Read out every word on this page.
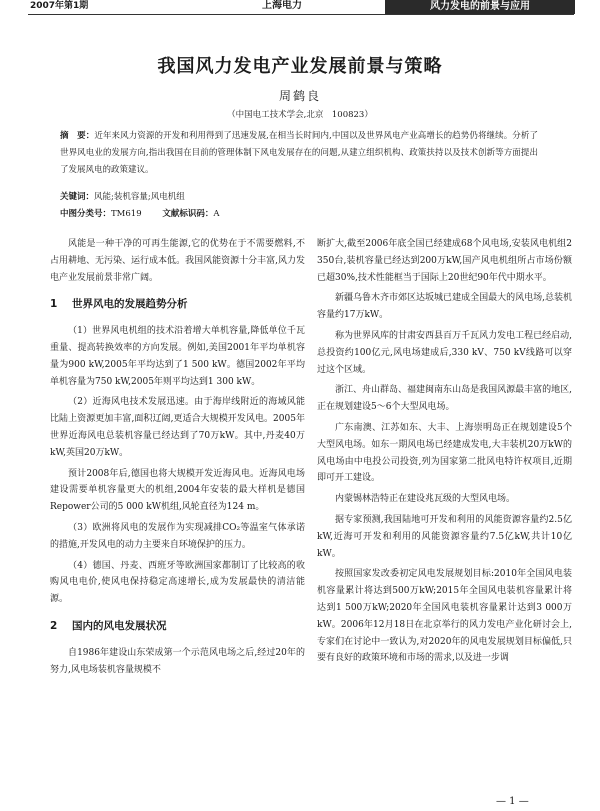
2007年第1期	上海电力	风力发电的前景与应用
我国风力发电产业发展前景与策略
周鹤良
（中国电工技术学会,北京　100823）
摘　要：近年来风力资源的开发和利用得到了迅速发展,在相当长时间内,中国以及世界风电产业高增长的趋势仍将继续。分析了世界风电业的发展方向,指出我国在目前的管理体制下风电发展存在的问题,从建立组织机构、政策扶持以及技术创新等方面提出了发展风电的政策建议。
关键词：风能;装机容量;风电机组
中图分类号：TM619 文献标识码：A

风能是一种干净的可再生能源,它的优势在于不需要燃料,不占用耕地、无污染、运行成本低。我国风能资源十分丰富,风力发电产业发展前景非常广阔。

1 世界风电的发展趋势分析

（1）世界风电机组的技术沿着增大单机容量,降低单位千瓦重量、提高转换效率的方向发展。例如,美国2001年平均单机容量为900 kW,2005年平均达到了1 500 kW。德国2002年平均单机容量为750 kW,2005年则平均达到1 300 kW。

（2）近海风电技术发展迅速。由于海岸线附近的海域风能比陆上资源更加丰富,面积辽阔,更适合大规模开发风电。2005年世界近海风电总装机容量已经达到了70万kW。其中,丹麦40万kW,英国20万kW。

预计2008年后,德国也将大规模开发近海风电。近海风电场建设需要单机容量更大的机组,2004年安装的最大样机是德国Repower公司的5 000 kW机组,风轮直径为124 m。

（3）欧洲将风电的发展作为实现减排CO₂等温室气体承诺的措施,开发风电的动力主要来自环境保护的压力。

（4）德国、丹麦、西班牙等欧洲国家都制订了比较高的收购风电电价,使风电保持稳定高速增长,成为发展最快的清洁能源。

2 国内的风电发展状况

自1986年建设山东荣成第一个示范风电场之后,经过20年的努力,风电场装机容量规模不

断扩大,截至2006年底全国已经建成68个风电场,安装风电机组2 350台,装机容量已经达到200万kW,国产风电机组所占市场份额已超30%,技术性能框当于国际上20世纪90年代中期水平。

新疆乌鲁木齐市郊区达坂城已建成全国最大的风电场,总装机容量约17万kW。

称为世界风库的甘肃安西县百万千瓦风力发电工程已经启动,总投资约100亿元,风电场建成后,330 kV、750 kV线路可以穿过这个区域。

浙江、舟山群岛、福建闽南东山岛是我国风源最丰富的地区,正在规划建设5～6个大型风电场。

广东南澳、江苏如东、大丰、上海崇明岛正在规划建设5个大型风电场。如东一期风电场已经建成发电,大丰装机20万kW的风电场由中电投公司投资,列为国家第二批风电特许权项目,近期即可开工建设。

内蒙锡林浩特正在建设兆瓦级的大型风电场。

据专家预测,我国陆地可开发和利用的风能资源容量约2.5亿kW,近海可开发和利用的风能资源容量约7.5亿kW,共计10亿kW。

按照国家发改委初定风电发展规划目标:2010年全国风电装机容量累计将达到500万kW;2015年全国风电装机容量累计将达到1 500万kW;2020年全国风电装机容量累计达到3 000万kW。2006年12月18日在北京举行的风力发电产业化研讨会上,专家们在讨论中一致认为,对2020年的风电发展规划目标偏低,只要有良好的政策环境和市场的需求,以及进一步调

— 1 —
